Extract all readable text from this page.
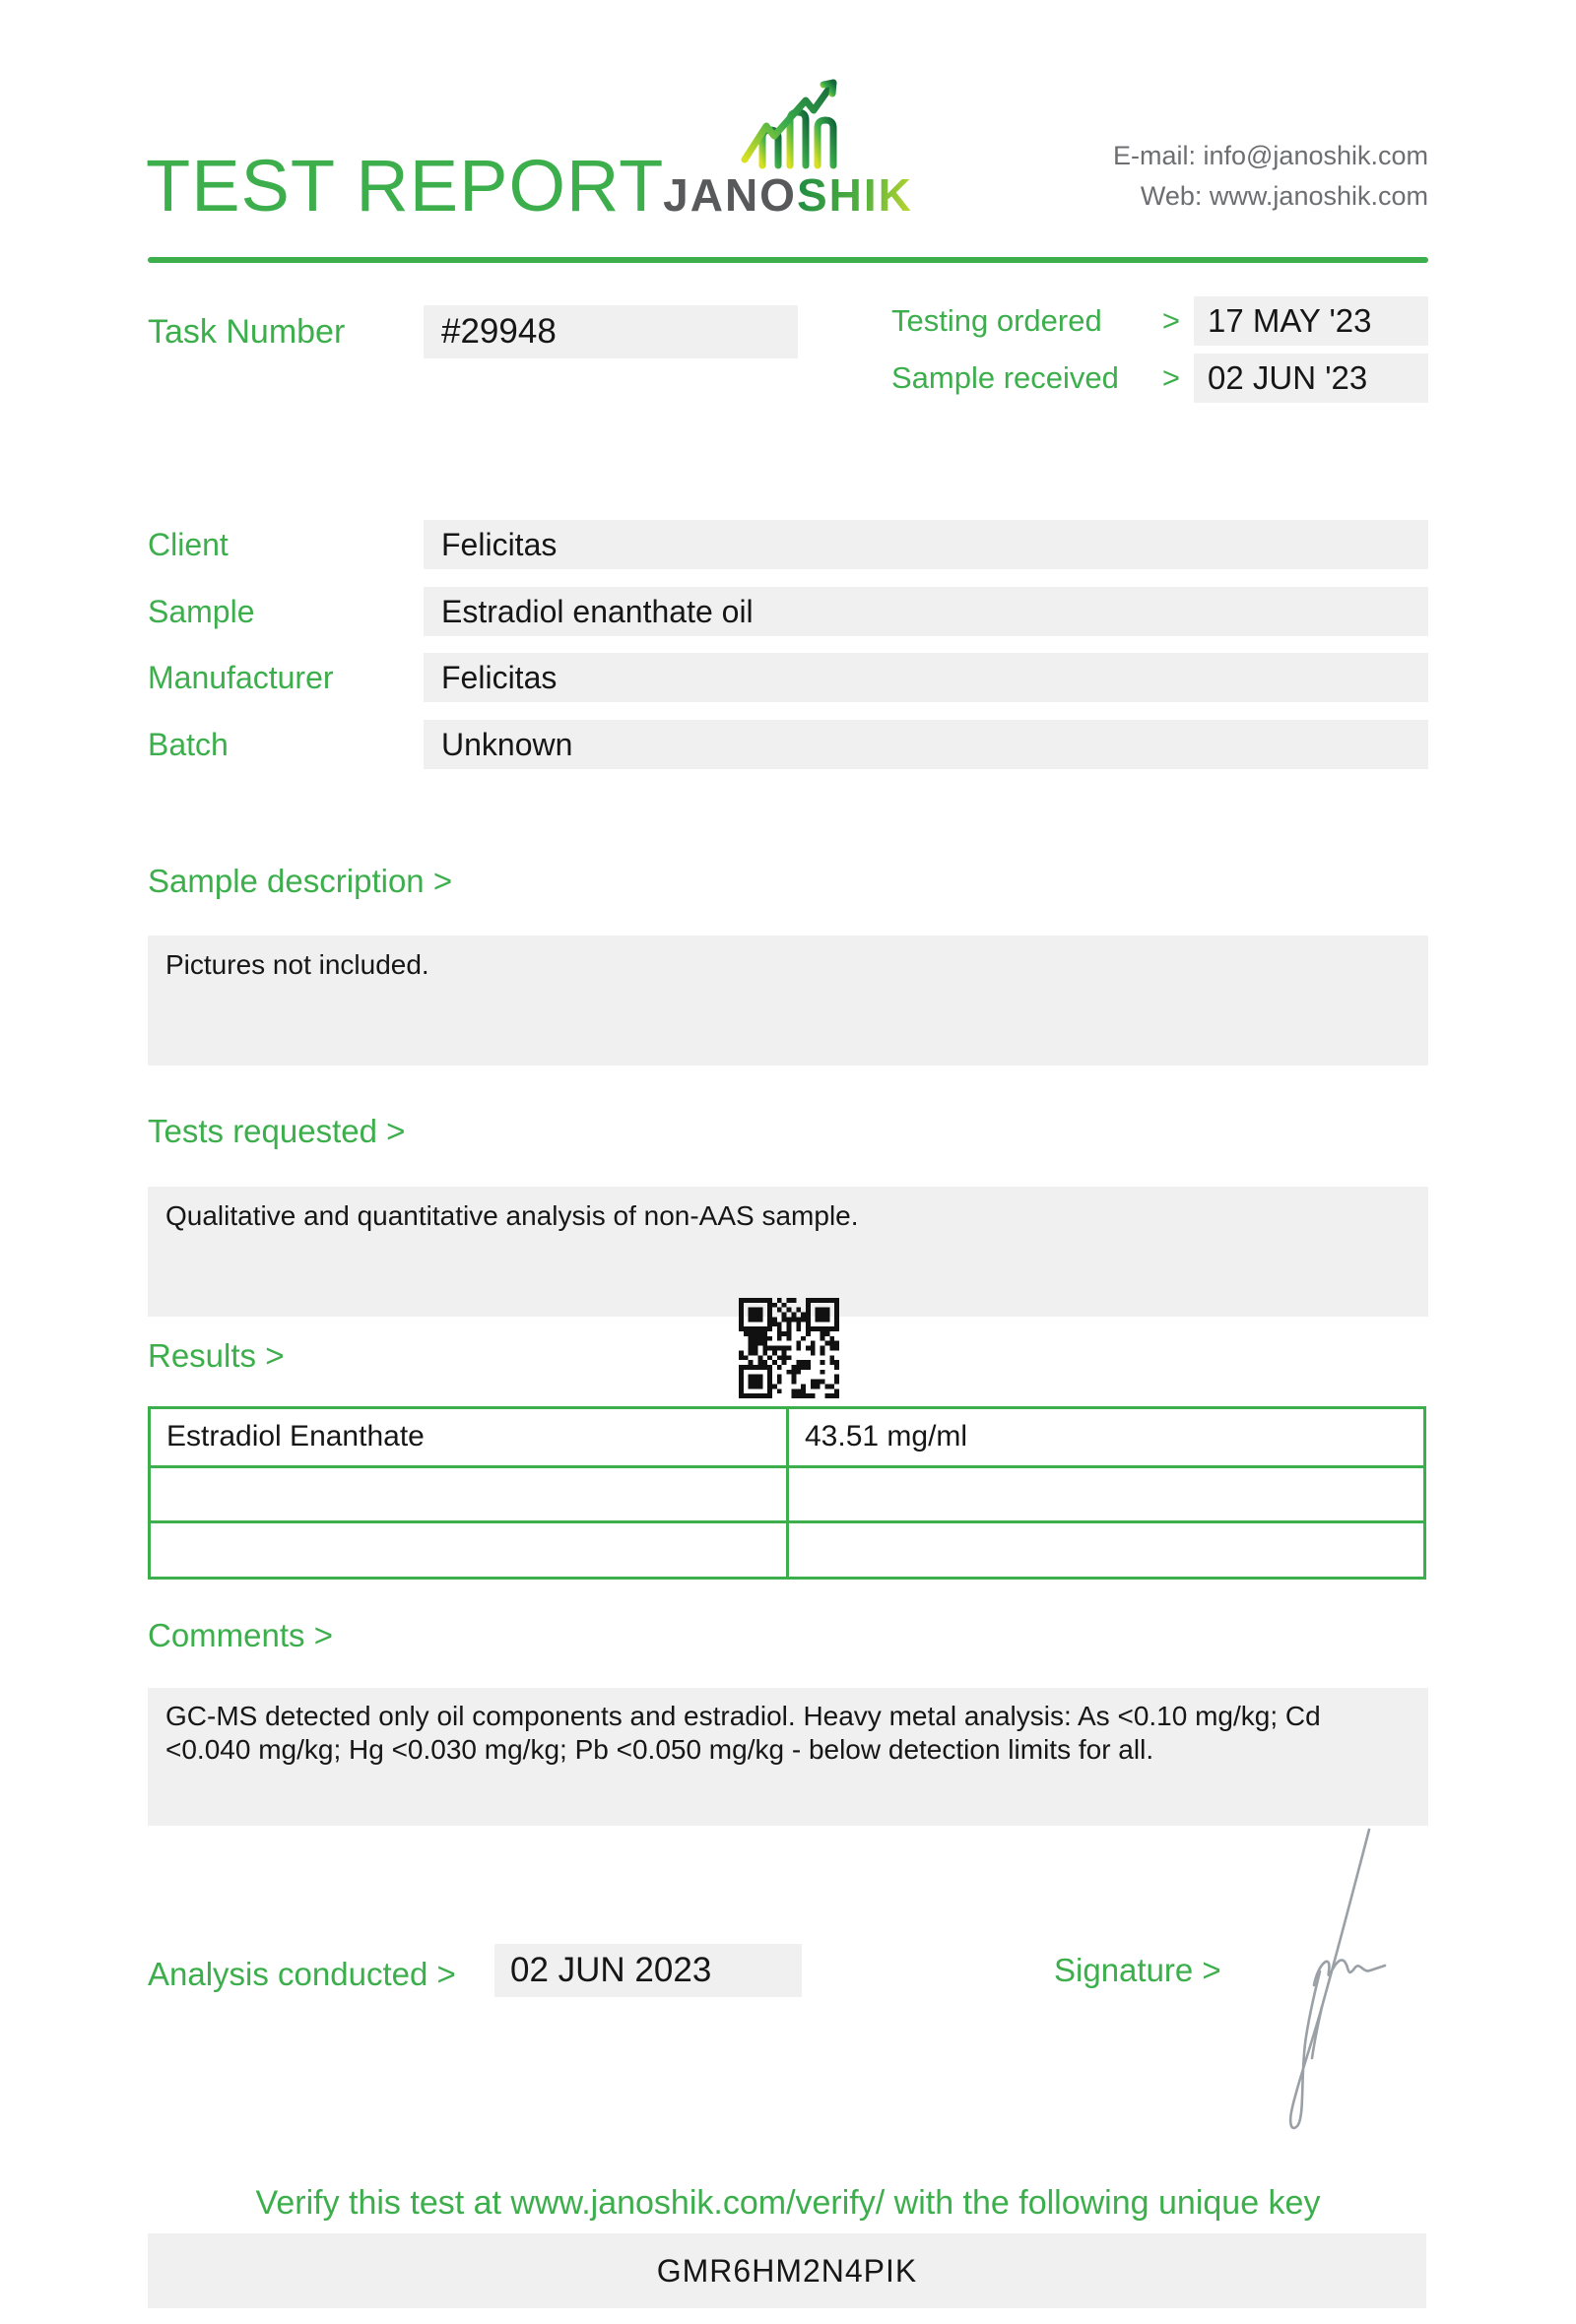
TEST REPORT
JANOSHIK
E-mail: info@janoshik.com
Web: www.janoshik.com
Task Number	#29948	Testing ordered > 17 MAY '23
Sample received > 02 JUN '23
Client	Felicitas
Sample	Estradiol enanthate oil
Manufacturer	Felicitas
Batch	Unknown
Sample description >
Pictures not included.
Tests requested >
Qualitative and quantitative analysis of non-AAS sample.
Results >
Estradiol Enanthate	43.51 mg/ml
Comments >
GC-MS detected only oil components and estradiol. Heavy metal analysis: As <0.10 mg/kg; Cd <0.040 mg/kg; Hg <0.030 mg/kg; Pb <0.050 mg/kg - below detection limits for all.
Analysis conducted >	02 JUN 2023	Signature >
Verify this test at www.janoshik.com/verify/ with the following unique key
GMR6HM2N4PIK
